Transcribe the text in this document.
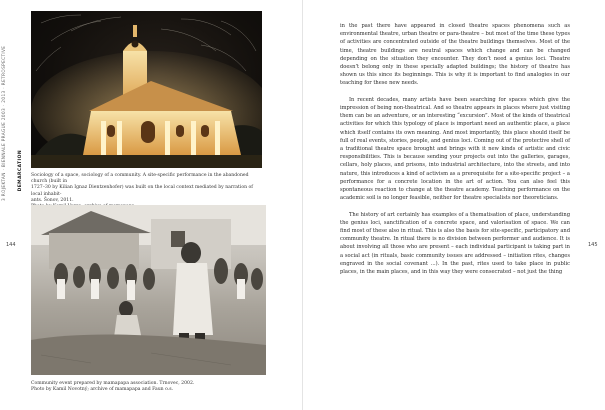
3 ROJEKTAN · BIENNALE PRAGUE 2003 · 2013 · RETROSPECTIVE	DEMARCATION Sociology of a space, sociology of a community. A site-specific performance in the abandoned church (built in

1727–30 by Kilian Ignaz Dientzenhofer) was built on the local context mediated by narration of local inhabit-

ants. Šonov, 2011.

144

Community event prepared by mamapapa association. Trnovec, 2002.

Photo by Kamil Novotný; archive of mamapapa and Faun o.s.

in the past there have appeared in closed theatre spaces phenomena such as environmental theatre, urban theatre or para-theatre – but most of the time these types of activities are concentrated outside of the theatre buildings themselves. Most of the time, theatre buildings are neutral spaces which change and can be changed depending on the situation they encounter. They don’t need a genius loci. Theatre doesn’t belong only in these specially adapted buildings; the history of theatre has shown us this since its beginnings. This is why it is important to find analogies in our teaching for these new needs.

In recent decades, many artists have been searching for spaces which give the impression of being non-theatrical. And so theatre appears in places where just visiting them can be an adventure, or an interesting “excursion”. Most of the kinds of theatrical activities for which this typology of place is important need an authentic place, a place which itself contains its own meaning. And most importantly, this place should itself be full of real events, stories, people, and genius loci. Coming out of the protective shell of a traditional theatre space brought and brings with it new kinds of artistic and civic responsibilities. This is because sending your projects out into the galleries, garages, cellars, holy places, and prisons, into industrial architecture, into the streets, and into nature, this introduces a kind of activism as a prerequisite for a site-specific project – a performance for a concrete location in the art of action. You can also feel this spontaneous reaction to change at the theatre academy. Teaching performance on the academic soil is no longer feasible, neither for theatre specialists nor theoreticians.

The history of art certainly has examples of a thematisation of place, understanding the genius loci, sanctification of a concrete space, and valorisation of space. We can find most of these also in ritual. This is also the basis for site-specific, participatory and community theatre. In ritual there is no division between performer and audience. It is about involving all those who are present – each individual participant is taking part in a social act (in rituals, basic community issues are addressed – initiation rites, changes engraved in the social covenant ...). In the past, rites used to take place in public places, in the main places, and in this way they were consecrated – not just the thing

145
